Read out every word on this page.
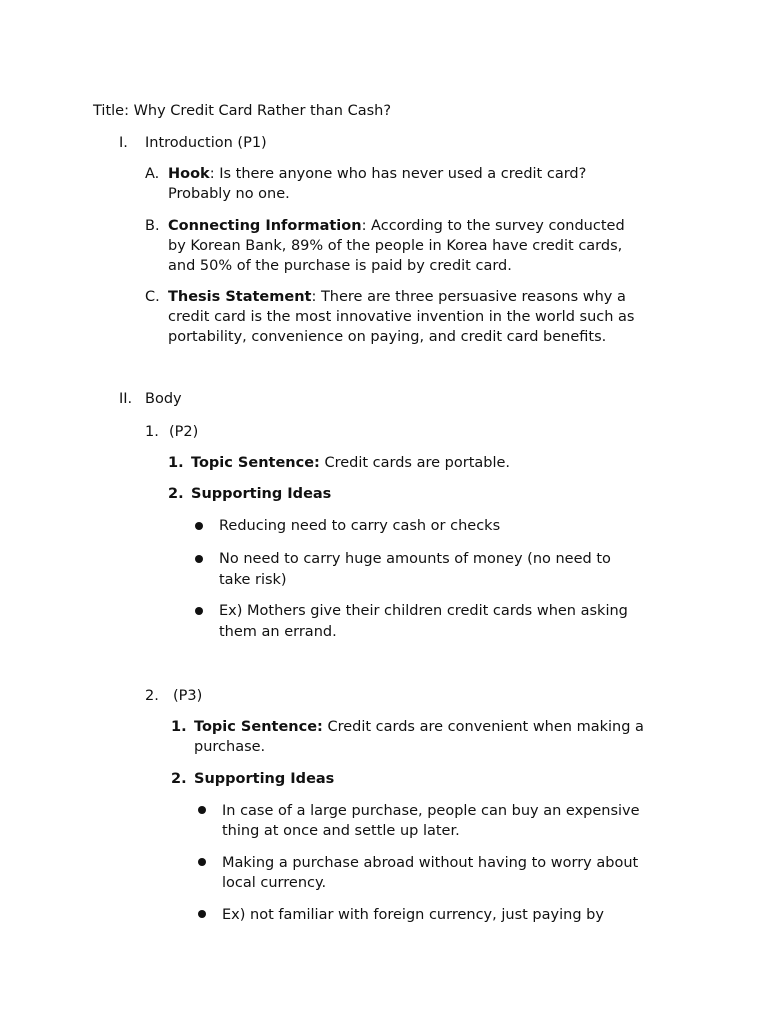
Title: Why Credit Card Rather than Cash?
I. Introduction (P1)
A. Hook: Is there anyone who has never used a credit card?
Probably no one.
B. Connecting Information: According to the survey conducted
by Korean Bank, 89% of the people in Korea have credit cards,
and 50% of the purchase is paid by credit card.
C. Thesis Statement: There are three persuasive reasons why a
credit card is the most innovative invention in the world such as
portability, convenience on paying, and credit card benefits.
II. Body
1. (P2)
1. Topic Sentence: Credit cards are portable.
2. Supporting Ideas
Reducing need to carry cash or checks
No need to carry huge amounts of money (no need to
take risk)
Ex) Mothers give their children credit cards when asking
them an errand.
2. (P3)
1. Topic Sentence: Credit cards are convenient when making a
purchase.
2. Supporting Ideas
In case of a large purchase, people can buy an expensive
thing at once and settle up later.
Making a purchase abroad without having to worry about
local currency.
Ex) not familiar with foreign currency, just paying by
